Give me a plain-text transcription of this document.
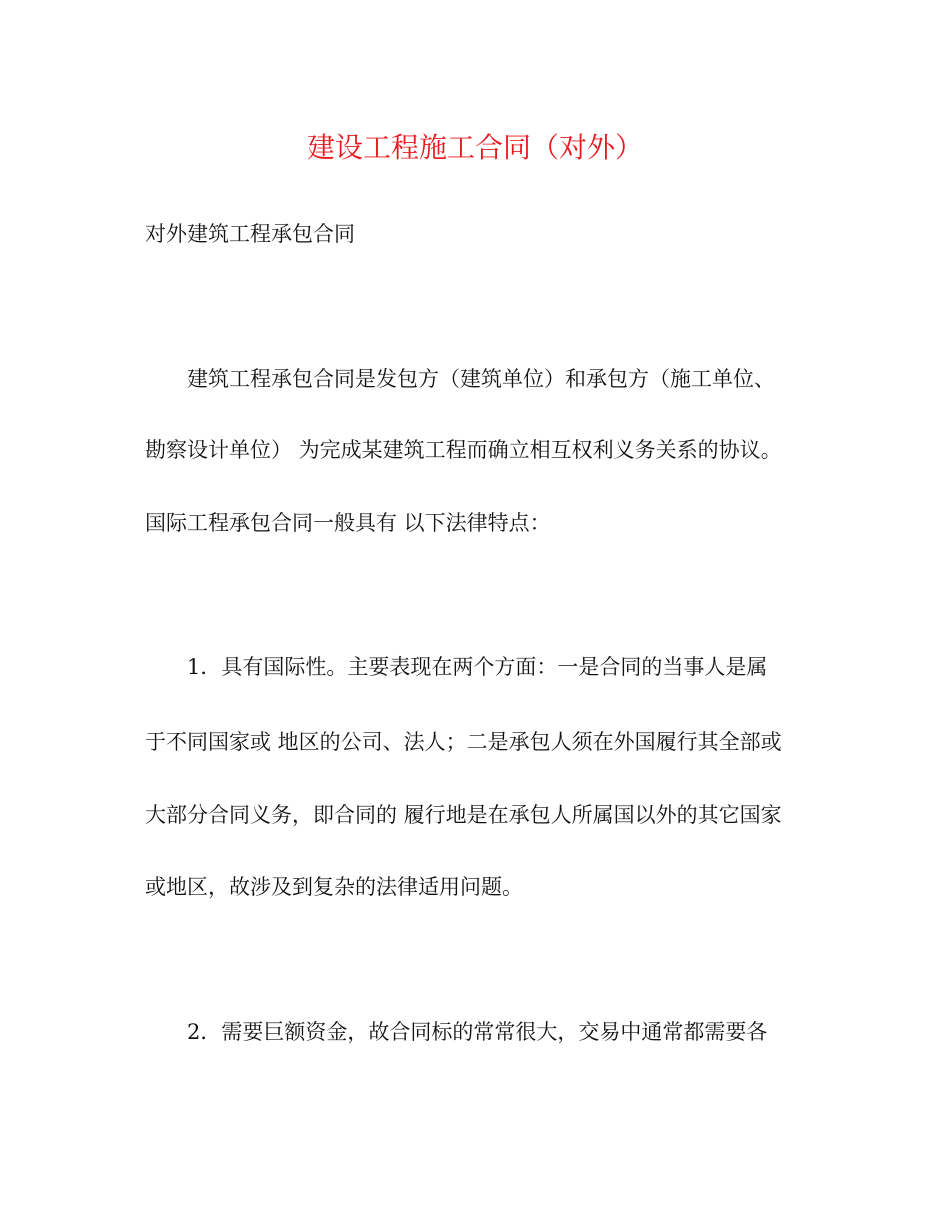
建设工程施工合同（对外）
对外建筑工程承包合同
建筑工程承包合同是发包方（建筑单位）和承包方（施工单位、
勘察设计单位） 为完成某建筑工程而确立相互权利义务关系的协议。
国际工程承包合同一般具有 以下法律特点：
1．具有国际性。主要表现在两个方面：一是合同的当事人是属
于不同国家或 地区的公司、法人；二是承包人须在外国履行其全部或
大部分合同义务，即合同的 履行地是在承包人所属国以外的其它国家
或地区，故涉及到复杂的法律适用问题。
2．需要巨额资金，故合同标的常常很大，交易中通常都需要各
